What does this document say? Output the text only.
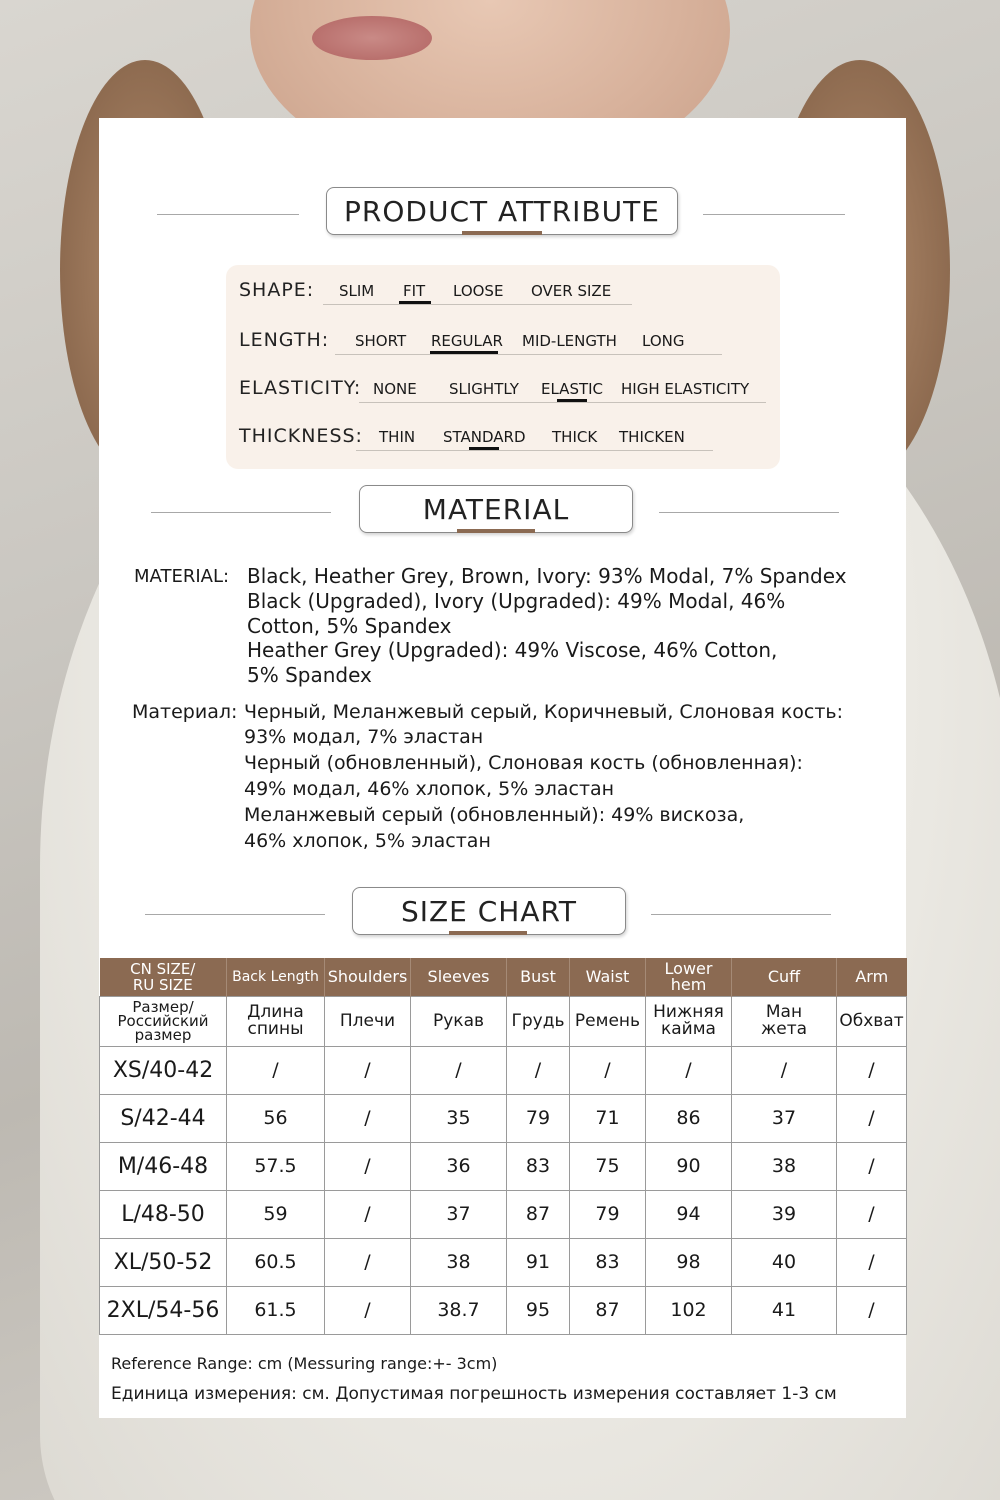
PRODUCT ATTRIBUTE
SHAPE: SLIM FIT LOOSE OVER SIZE
LENGTH: SHORT REGULAR MID-LENGTH LONG
ELASTICITY: NONE SLIGHTLY ELASTIC HIGH ELASTICITY
THICKNESS: THIN STANDARD THICK THICKEN
MATERIAL
MATERIAL: Black, Heather Grey, Brown, Ivory: 93% Modal, 7% Spandex
Black (Upgraded), Ivory (Upgraded): 49% Modal, 46%
Cotton, 5% Spandex
Heather Grey (Upgraded): 49% Viscose, 46% Cotton,
5% Spandex
Материал: Черный, Меланжевый серый, Коричневый, Слоновая кость:
93% модал, 7% эластан
Черный (обновленный), Слоновая кость (обновленная):
49% модал, 46% хлопок, 5% эластан
Меланжевый серый (обновленный): 49% вискоза,
46% хлопок, 5% эластан
SIZE CHART
CN SIZE/
RU SIZE	Back Length	Shoulders	Sleeves	Bust	Waist	Lower hem	Cuff	Arm
Размер/
Российский
размер	Длина
спины	Плечи	Рукав	Грудь	Ремень	Нижняя
кайма	Ман
жета	Обхват
XS/40-42	/	/	/	/	/	/	/	/
S/42-44	56	/	35	79	71	86	37	/
M/46-48	57.5	/	36	83	75	90	38	/
L/48-50	59	/	37	87	79	94	39	/
XL/50-52	60.5	/	38	91	83	98	40	/
2XL/54-56	61.5	/	38.7	95	87	102	41	/
Reference Range: cm (Messuring range:+- 3cm)
Единица измерения: см. Допустимая погрешность измерения составляет 1-3 см
